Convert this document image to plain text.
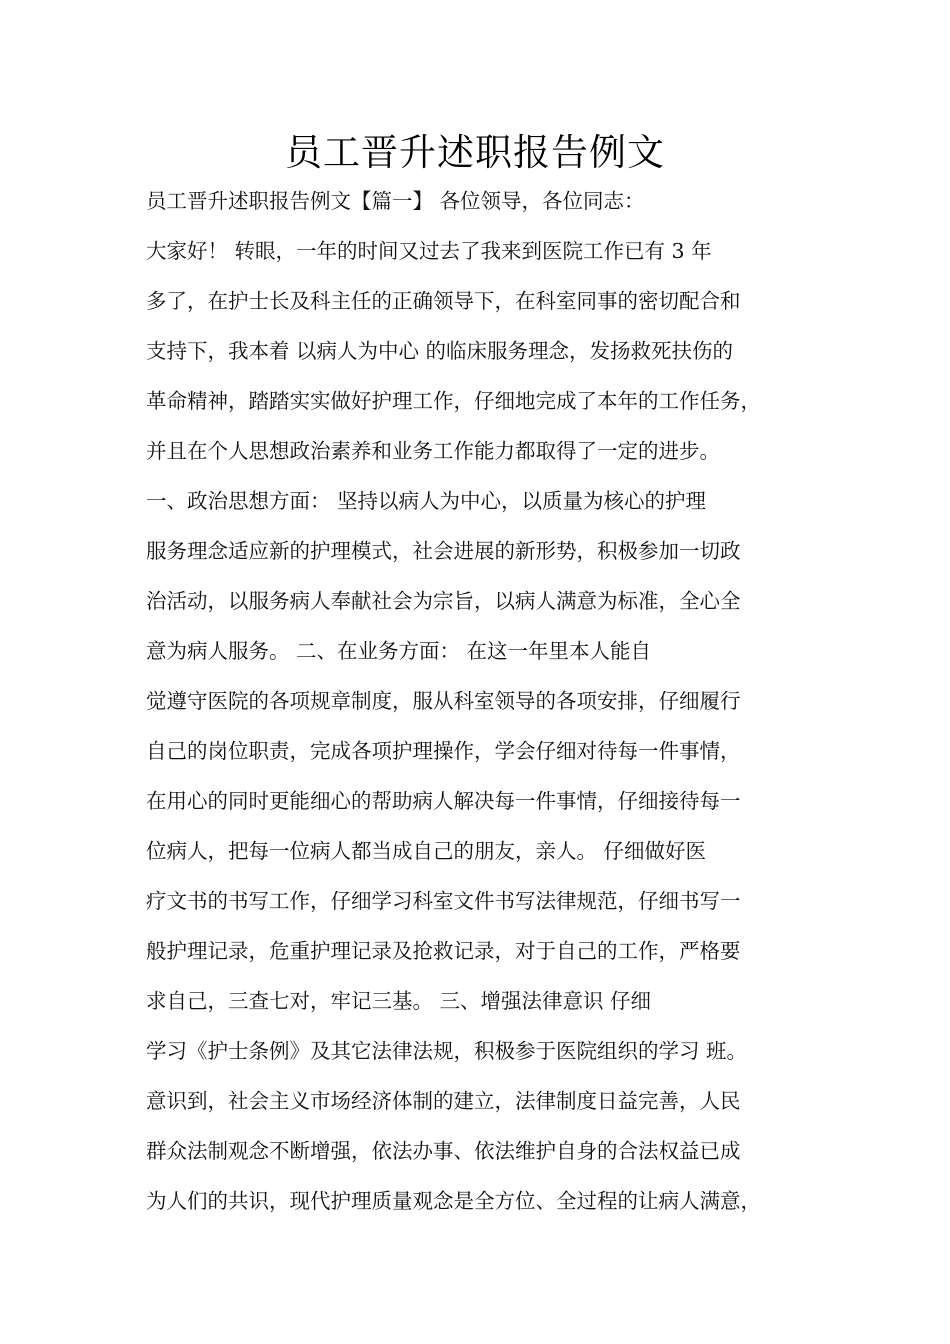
员工晋升述职报告例文
员工晋升述职报告例文【篇一】 各位领导，各位同志：
大家好！ 转眼，一年的时间又过去了我来到医院工作已有 3 年
多了，在护士长及科主任的正确领导下，在科室同事的密切配合和
支持下，我本着 以病人为中心 的临床服务理念，发扬救死扶伤的
革命精神，踏踏实实做好护理工作，仔细地完成了本年的工作任务，
并且在个人思想政治素养和业务工作能力都取得了一定的进步。
一、政治思想方面： 坚持以病人为中心，以质量为核心的护理
服务理念适应新的护理模式，社会进展的新形势，积极参加一切政
治活动，以服务病人奉献社会为宗旨，以病人满意为标准，全心全
意为病人服务。 二、在业务方面： 在这一年里本人能自
觉遵守医院的各项规章制度，服从科室领导的各项安排，仔细履行
自己的岗位职责，完成各项护理操作，学会仔细对待每一件事情，
在用心的同时更能细心的帮助病人解决每一件事情，仔细接待每一
位病人，把每一位病人都当成自己的朋友，亲人。 仔细做好医
疗文书的书写工作，仔细学习科室文件书写法律规范，仔细书写一
般护理记录，危重护理记录及抢救记录，对于自己的工作，严格要
求自己，三查七对，牢记三基。 三、增强法律意识 仔细
学习《护士条例》及其它法律法规，积极参于医院组织的学习 班。
意识到，社会主义市场经济体制的建立，法律制度日益完善，人民
群众法制观念不断增强，依法办事、依法维护自身的合法权益已成
为人们的共识，现代护理质量观念是全方位、全过程的让病人满意，
